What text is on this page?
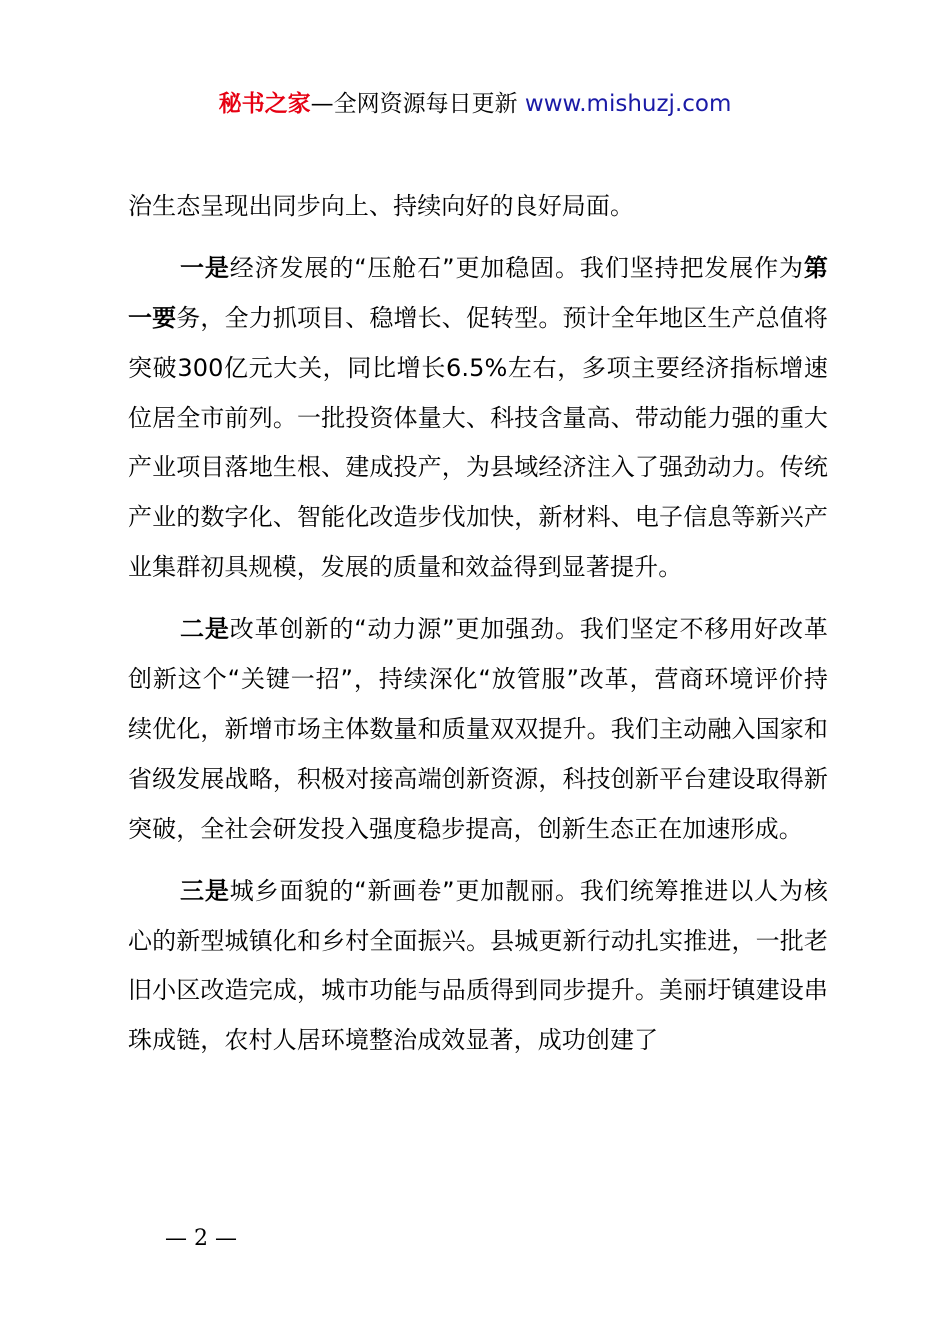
秘书之家—全网资源每日更新 www.mishuzj.com

治生态呈现出同步向上、持续向好的良好局面。

一是经济发展的“压舱石”更加稳固。我们坚持把发展作为第一要务，全力抓项目、稳增长、促转型。预计全年地区生产总值将突破300亿元大关，同比增长6.5%左右，多项主要经济指标增速位居全市前列。一批投资体量大、科技含量高、带动能力强的重大产业项目落地生根、建成投产，为县域经济注入了强劲动力。传统产业的数字化、智能化改造步伐加快，新材料、电子信息等新兴产业集群初具规模，发展的质量和效益得到显著提升。

二是改革创新的“动力源”更加强劲。我们坚定不移用好改革创新这个“关键一招”，持续深化“放管服”改革，营商环境评价持续优化，新增市场主体数量和质量双双提升。我们主动融入国家和省级发展战略，积极对接高端创新资源，科技创新平台建设取得新突破，全社会研发投入强度稳步提高，创新生态正在加速形成。

三是城乡面貌的“新画卷”更加靓丽。我们统筹推进以人为核心的新型城镇化和乡村全面振兴。县城更新行动扎实推进，一批老旧小区改造完成，城市功能与品质得到同步提升。美丽圩镇建设串珠成链，农村人居环境整治成效显著，成功创建了

— 2 —
